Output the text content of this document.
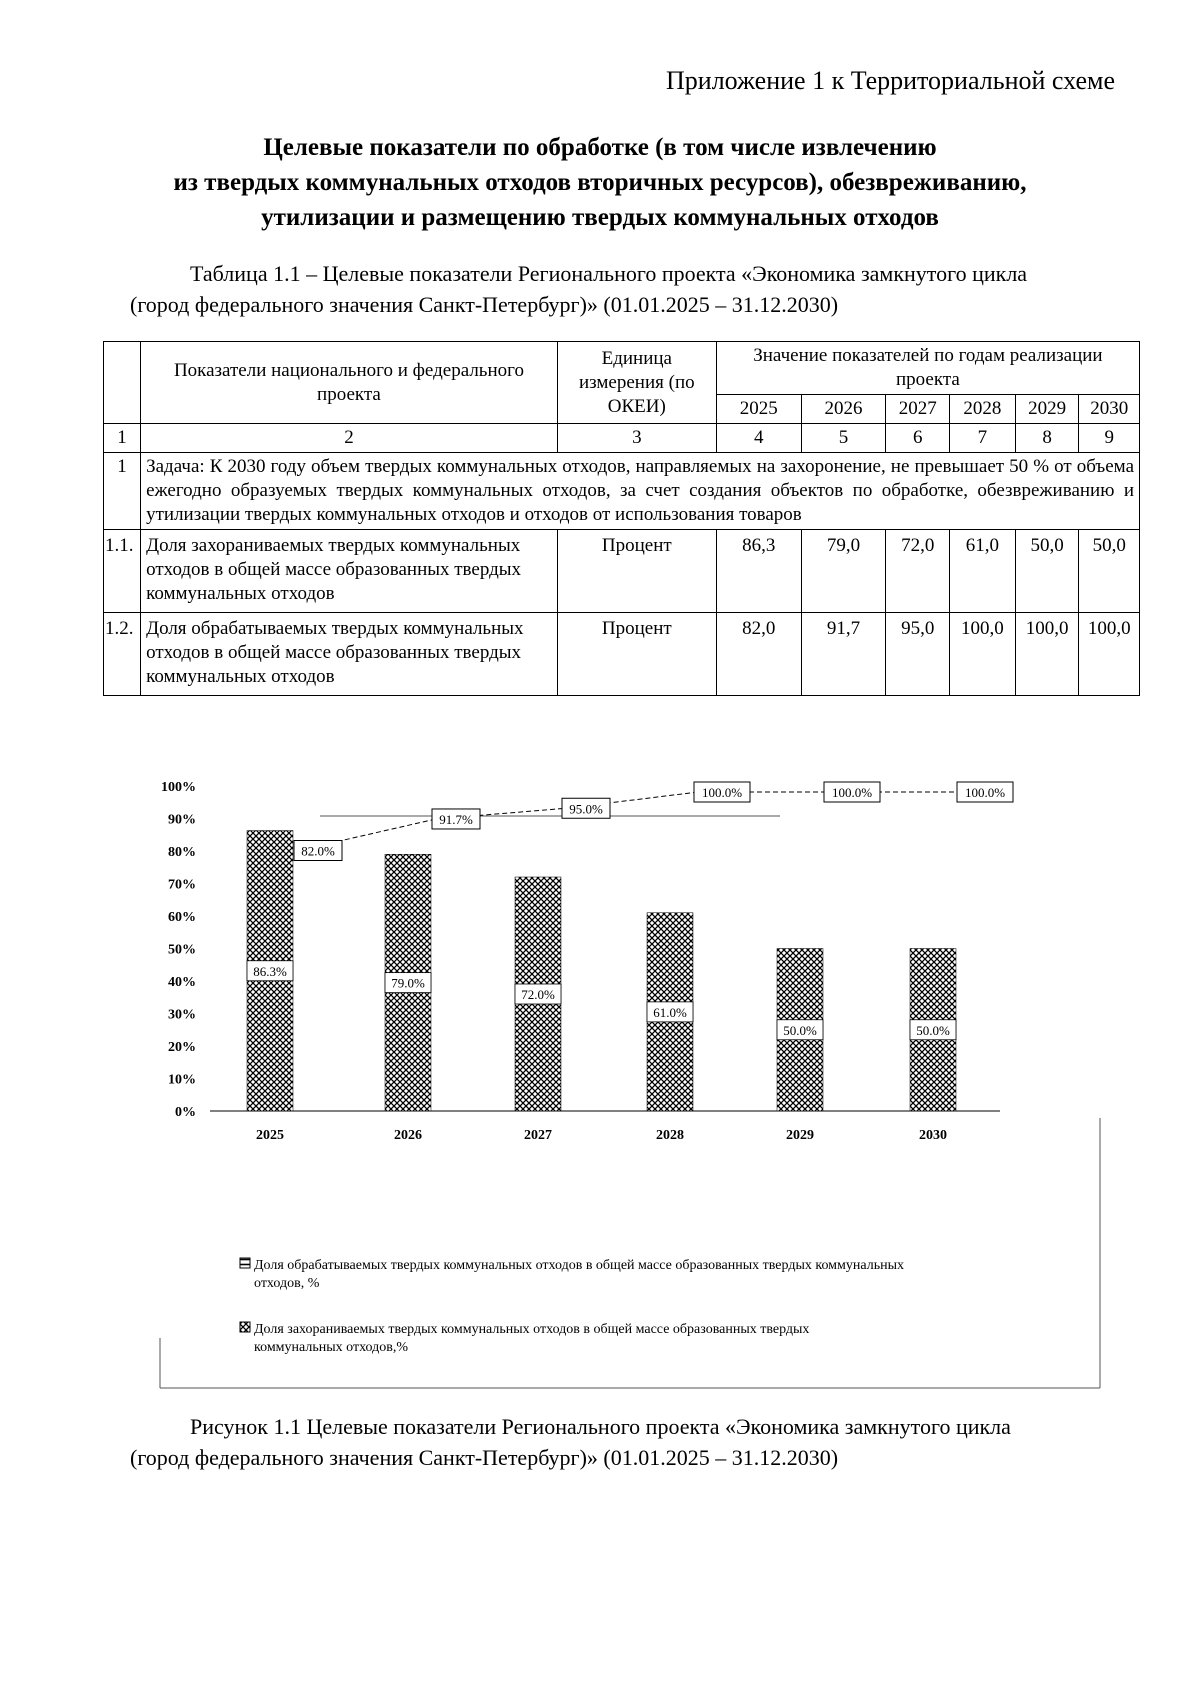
Приложение 1 к Территориальной схеме
Целевые показатели по обработке (в том числе извлечению
из твердых коммунальных отходов вторичных ресурсов), обезвреживанию,
утилизации и размещению твердых коммунальных отходов
Таблица 1.1 – Целевые показатели Регионального проекта «Экономика замкнутого цикла
(город федерального значения Санкт-Петербург)» (01.01.2025 – 31.12.2030)
	Показатели национального и федерального проекта	Единица измерения (по ОКЕИ)	Значение показателей по годам реализации проекта					
			2025	2026	2027	2028	2029	2030
1	2	3	4	5	6	7	8	9
1	Задача: К 2030 году объем твердых коммунальных отходов, направляемых на захоронение, не превышает 50 % от объема ежегодно образуемых твердых коммунальных отходов, за счет создания объектов по обработке, обезвреживанию и утилизации твердых коммунальных отходов и отходов от использования товаров							
1.1.	Доля захораниваемых твердых коммунальных отходов в общей массе образованных твердых коммунальных отходов	Процент	86,3	79,0	72,0	61,0	50,0	50,0
1.2.	Доля обрабатываемых твердых коммунальных отходов в общей массе образованных твердых коммунальных отходов	Процент	82,0	91,7	95,0	100,0	100,0	100,0
0%
10%
20%
30%
40%
50%
60%
70%
80%
90%
100%
82.0%
91.7%
95.0%
100.0%	100.0%	100.0%
86.3%
79.0%
72.0%
61.0%
50.0%	50.0%
2025	2026	2027	2028	2029	2030
Доля обрабатываемых твердых коммунальных отходов в общей массе образованных твердых коммунальных отходов, %
Доля захораниваемых твердых коммунальных отходов в общей массе образованных твердых коммунальных отходов,%
Рисунок 1.1 Целевые показатели Регионального проекта «Экономика замкнутого цикла
(город федерального значения Санкт-Петербург)» (01.01.2025 – 31.12.2030)
